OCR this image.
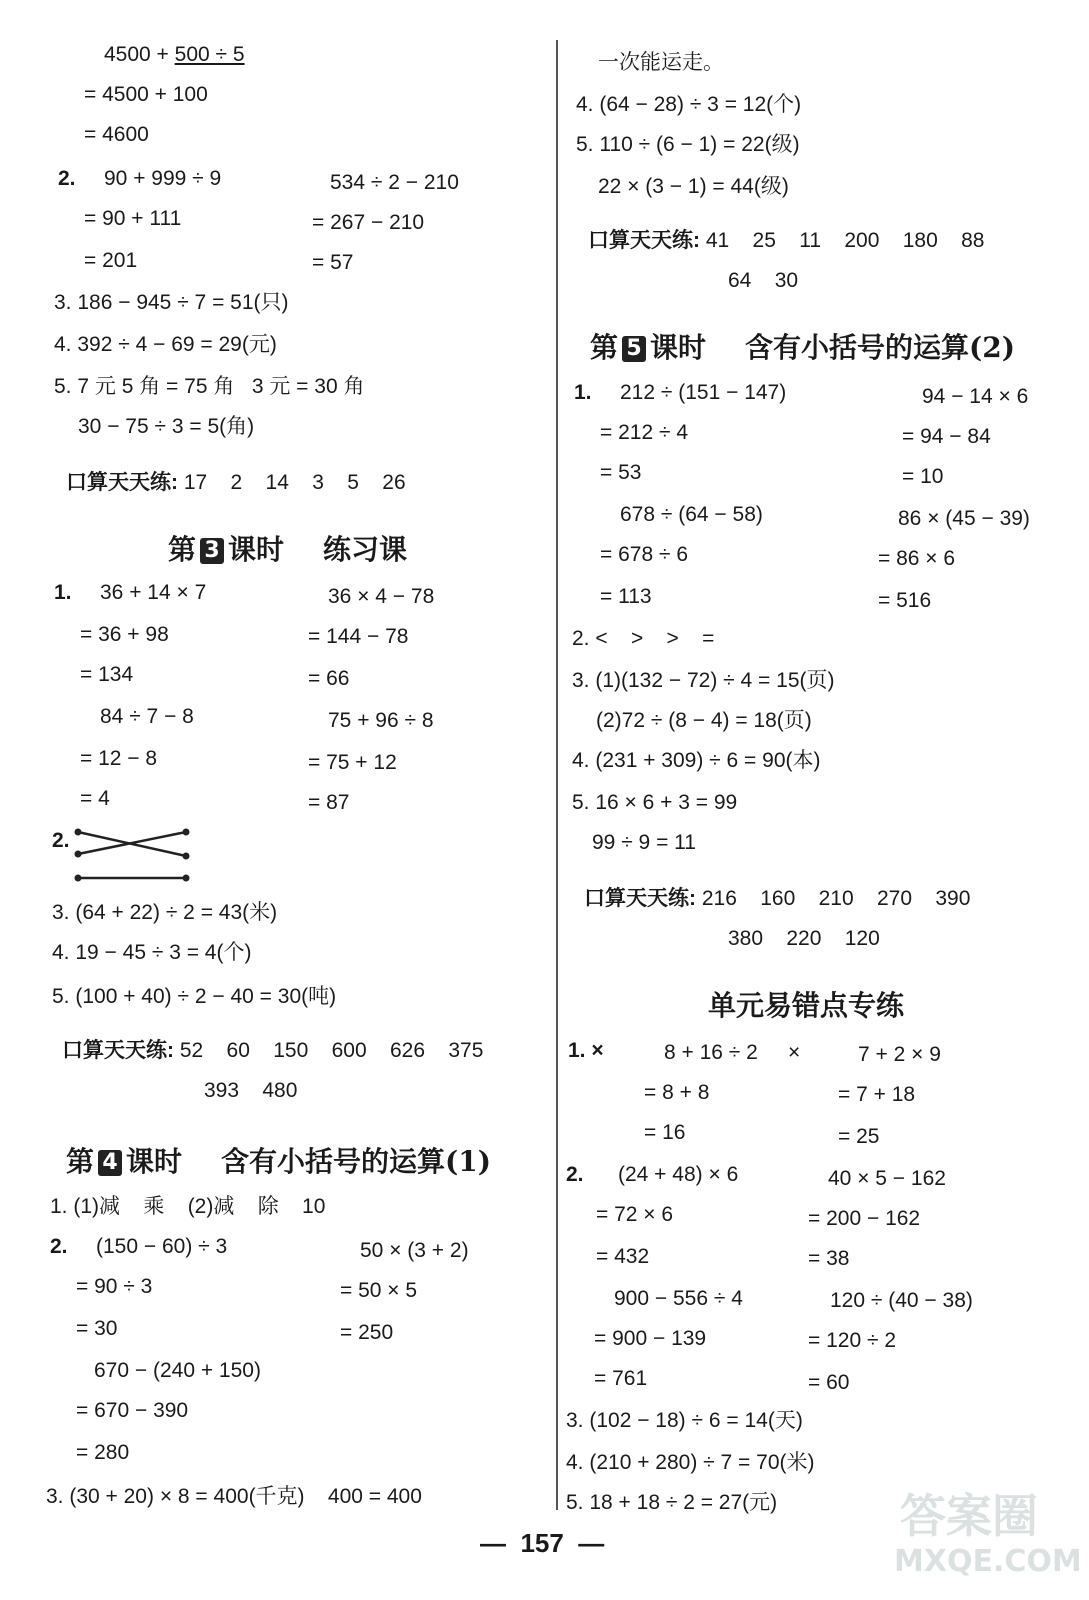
4500 + 500 ÷ 5
= 4500 + 100
= 4600
2. 90 + 999 ÷ 9	534 ÷ 2 − 210
= 90 + 111	= 267 − 210
= 201	= 57
3. 186 − 945 ÷ 7 = 51(只)
4. 392 ÷ 4 − 69 = 29(元)
5. 7 元 5 角 = 75 角   3 元 = 30 角
30 − 75 ÷ 3 = 5(角)
口算天天练: 17    2    14    3    5    26
第 3 课时    练习课
1. 36 + 14 × 7	36 × 4 − 78
= 36 + 98	= 144 − 78
= 134	= 66
84 ÷ 7 − 8	75 + 96 ÷ 8
= 12 − 8	= 75 + 12
= 4	= 87
2.
3. (64 + 22) ÷ 2 = 43(米)
4. 19 − 45 ÷ 3 = 4(个)
5. (100 + 40) ÷ 2 − 40 = 30(吨)
口算天天练: 52    60    150    600    626    375
393    480
第 4 课时    含有小括号的运算(1)
1. (1)减    乘    (2)减    除    10
2. (150 − 60) ÷ 3	50 × (3 + 2)
= 90 ÷ 3	= 50 × 5
= 30	= 250
670 − (240 + 150)
= 670 − 390
= 280
3. (30 + 20) × 8 = 400(千克)    400 = 400
一次能运走。
4. (64 − 28) ÷ 3 = 12(个)
5. 110 ÷ (6 − 1) = 22(级)
22 × (3 − 1) = 44(级)
口算天天练: 41    25    11    200    180    88
64    30
第 5 课时    含有小括号的运算(2)
1. 212 ÷ (151 − 147)	94 − 14 × 6
= 212 ÷ 4	= 94 − 84
= 53	= 10
678 ÷ (64 − 58)	86 × (45 − 39)
= 678 ÷ 6	= 86 × 6
= 113	= 516
2. <    >    >    =
3. (1)(132 − 72) ÷ 4 = 15(页)
(2)72 ÷ (8 − 4) = 18(页)
4. (231 + 309) ÷ 6 = 90(本)
5. 16 × 6 + 3 = 99
99 ÷ 9 = 11
口算天天练: 216    160    210    270    390
380    220    120
单元易错点专练
1. ×	8 + 16 ÷ 2 ×	7 + 2 × 9
= 8 + 8	= 7 + 18
= 16	= 25
2. (24 + 48) × 6	40 × 5 − 162
= 72 × 6	= 200 − 162
= 432	= 38
900 − 556 ÷ 4	120 ÷ (40 − 38)
= 900 − 139	= 120 ÷ 2
= 761	= 60
3. (102 − 18) ÷ 6 = 14(天)
4. (210 + 280) ÷ 7 = 70(米)
5. 18 + 18 ÷ 2 = 27(元)
—  157  —	答案圈
MXQE.COM
